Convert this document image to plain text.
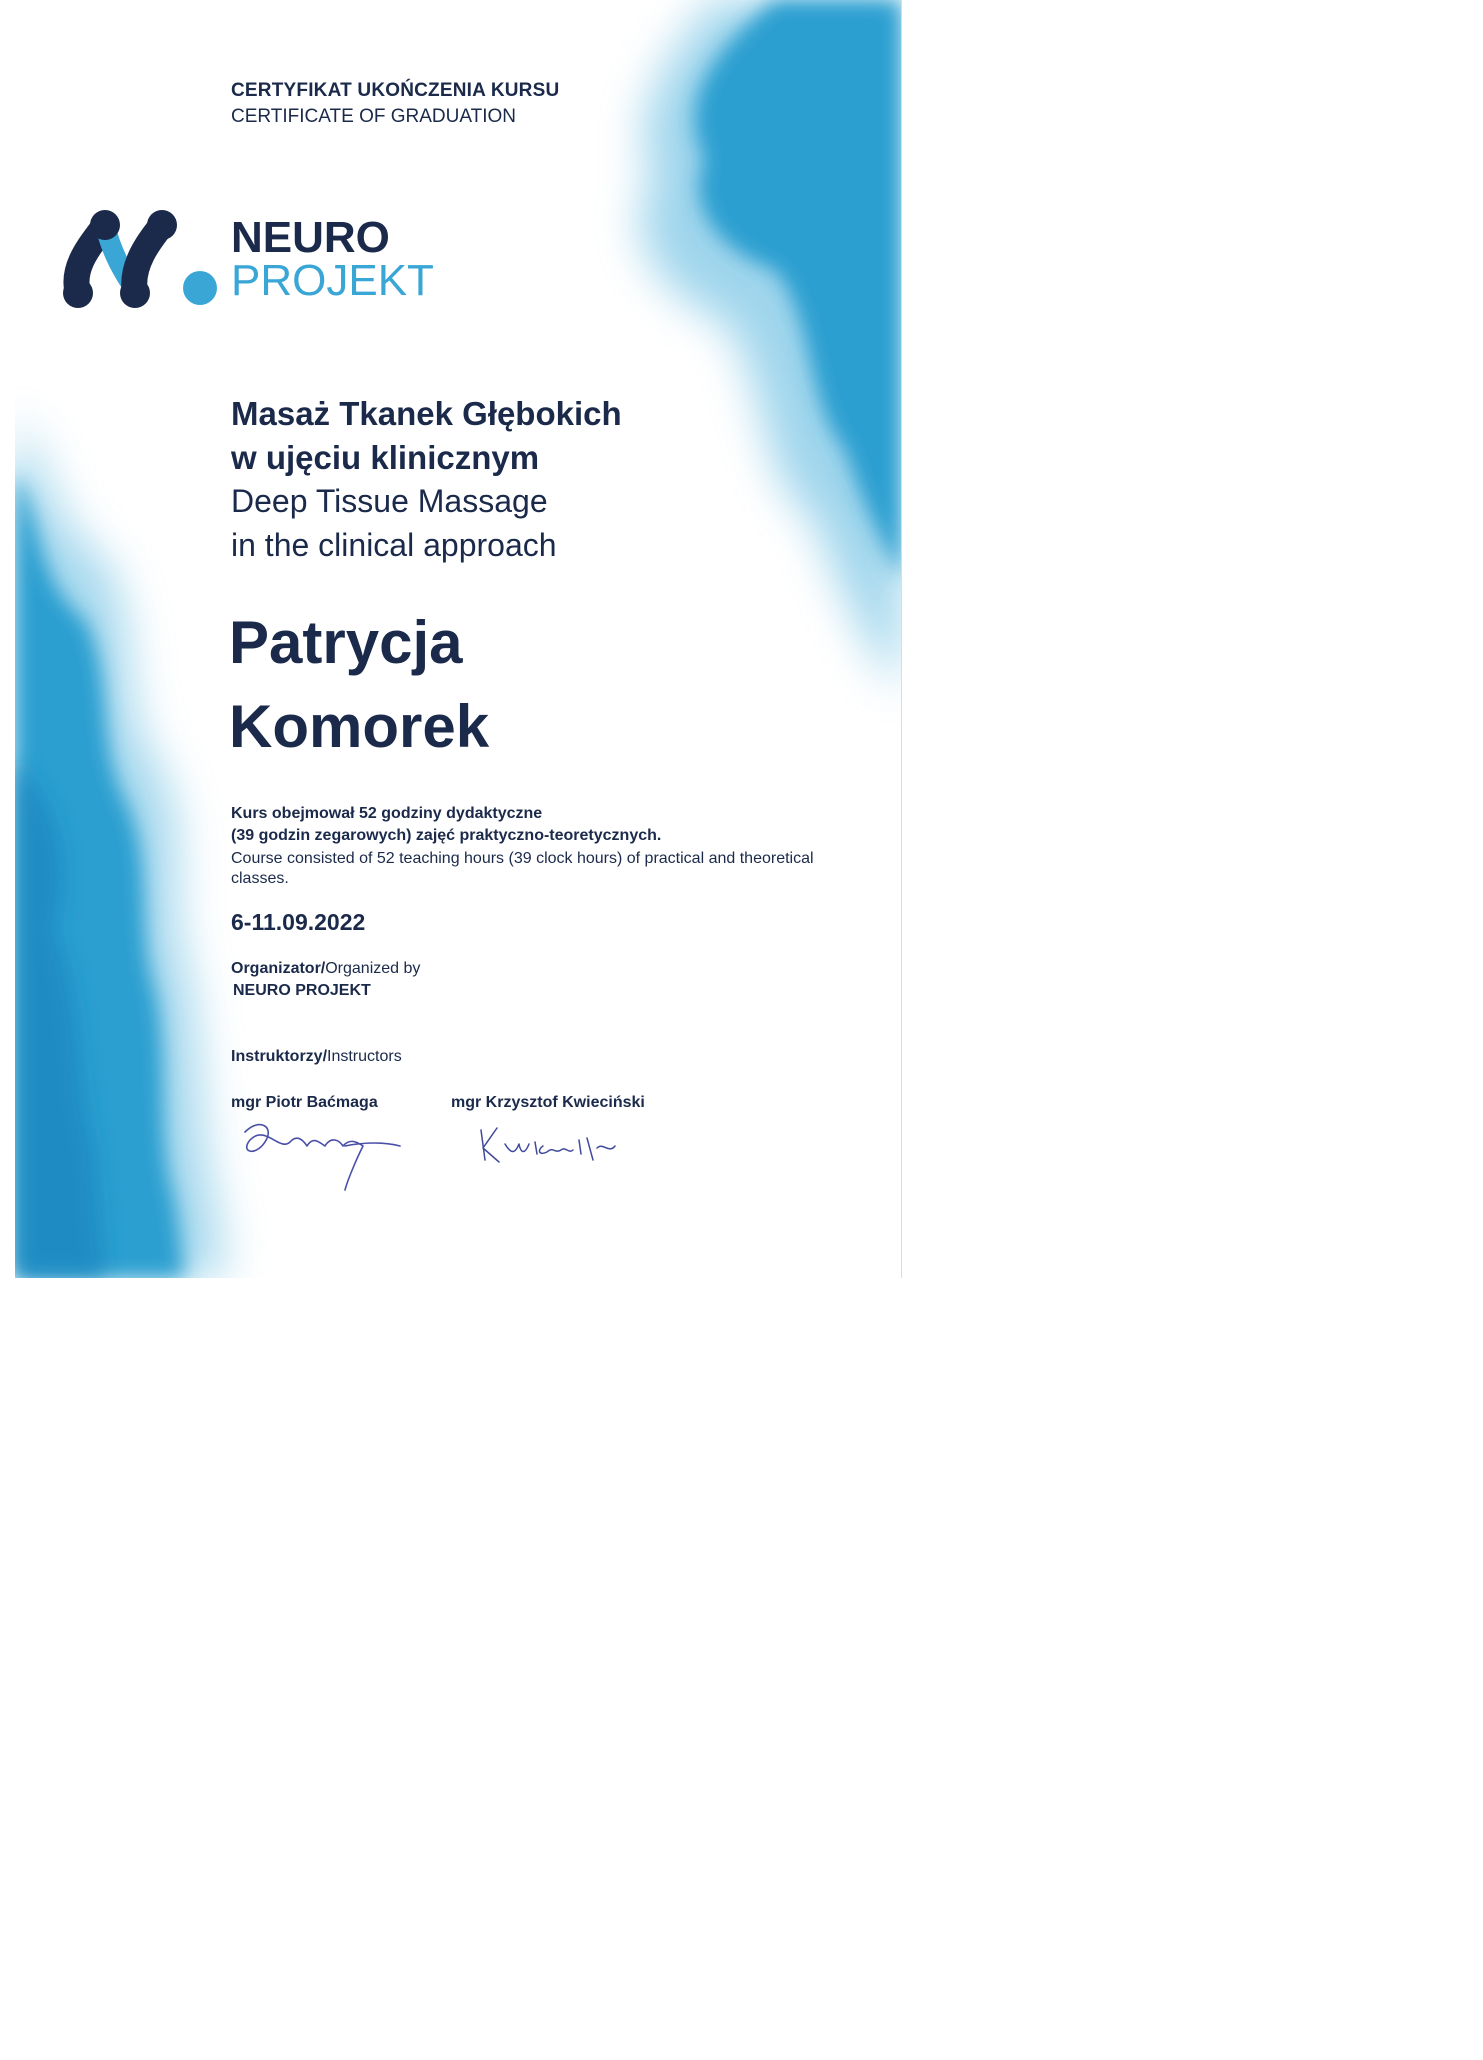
CERTYFIKAT UKOŃCZENIA KURSU

CERTIFICATE OF GRADUATION

NEURO

PROJEKT

Masaż Tkanek Głębokich

w ujęciu klinicznym

Deep Tissue Massage

in the clinical approach

Patrycja

Komorek

Kurs obejmował 52 godziny dydaktyczne

(39 godzin zegarowych) zajęć praktyczno-teoretycznych.

Course consisted of 52 teaching hours (39 clock hours) of practical and theoretical classes.

6-11.09.2022

Organizator/Organized by

NEURO PROJEKT

Instruktorzy/Instructors

mgr Piotr Baćmaga	mgr Krzysztof Kwieciński
